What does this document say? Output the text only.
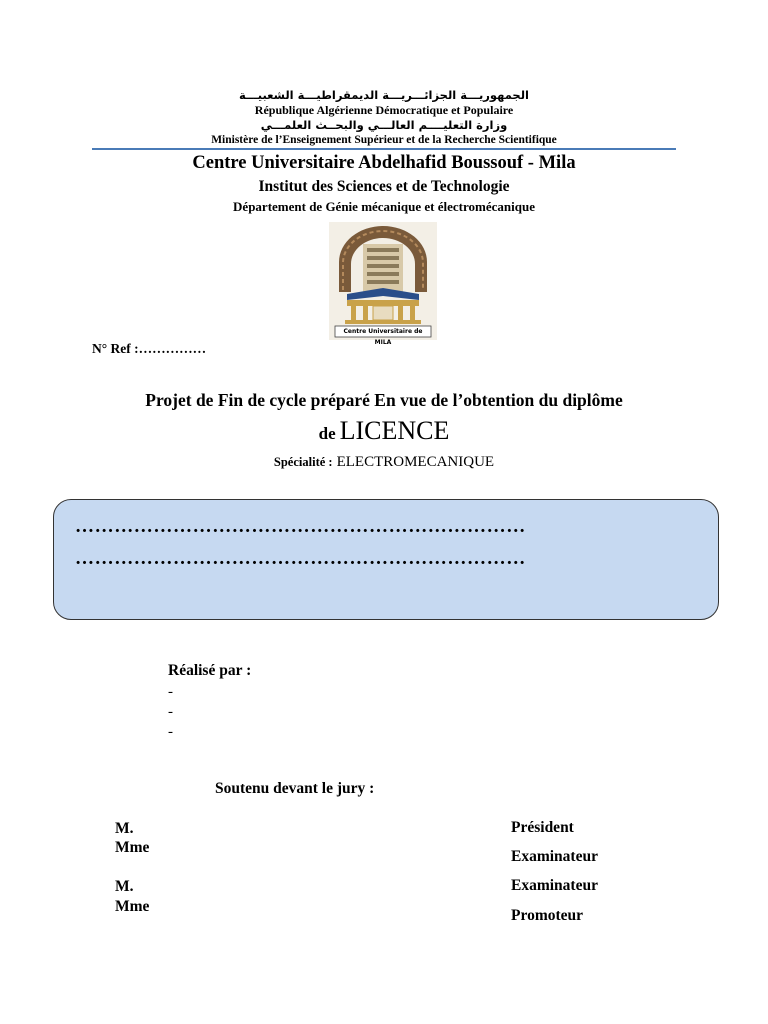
الجمهوريـــة الجزائـــريـــة الديمقراطيـــة الشعبيـــة
République Algérienne Démocratique et Populaire
وزارة التعليــــم العالـــي والبحــث العلمـــي
Ministère de l’Enseignement Supérieur et de la Recherche Scientifique
Centre Universitaire Abdelhafid Boussouf - Mila
Institut des Sciences et de Technologie
Département de Génie mécanique et électromécanique
Centre Universitaire de MILA
N° Ref :……………
Projet de Fin de cycle préparé En vue de l’obtention du diplôme
de LICENCE
Spécialité : ELECTROMECANIQUE
……………………………………………………………
……………………………………………………………
Réalisé par :
-
-
-
Soutenu devant le jury :
M.
Mme
M.
Mme
Président
Examinateur
Examinateur
Promoteur
